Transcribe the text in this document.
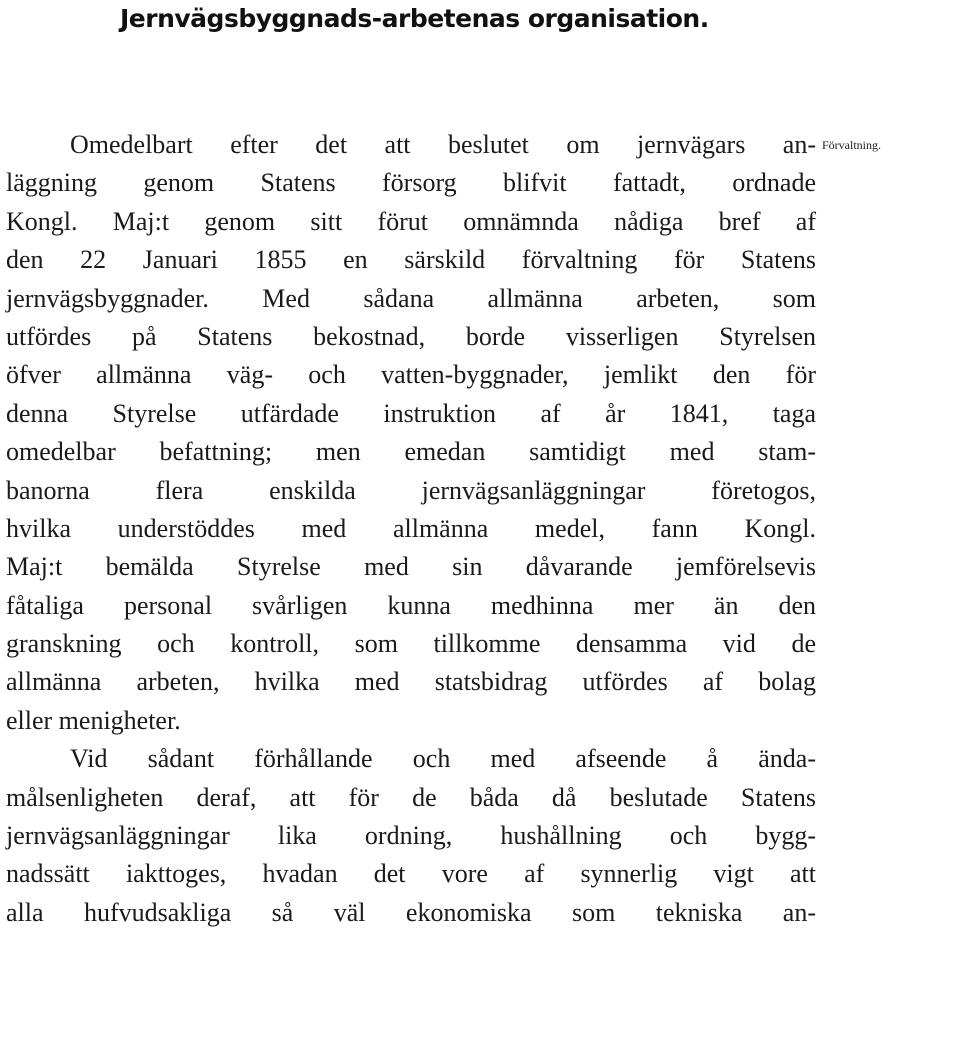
Jernvägsbyggnads-arbetenas organisation.
Förvaltning.
Omedelbart efter det att beslutet om jernvägars an-
läggning genom Statens försorg blifvit fattadt, ordnade
Kongl. Maj:t genom sitt förut omnämnda nådiga bref af
den 22 Januari 1855 en särskild förvaltning för Statens
jernvägsbyggnader. Med sådana allmänna arbeten, som
utfördes på Statens bekostnad, borde visserligen Styrelsen
öfver allmänna väg- och vatten-byggnader, jemlikt den för
denna Styrelse utfärdade instruktion af år 1841, taga
omedelbar befattning; men emedan samtidigt med stam-
banorna flera enskilda jernvägsanläggningar företogos,
hvilka understöddes med allmänna medel, fann Kongl.
Maj:t bemälda Styrelse med sin dåvarande jemförelsevis
fåtaliga personal svårligen kunna medhinna mer än den
granskning och kontroll, som tillkomme densamma vid de
allmänna arbeten, hvilka med statsbidrag utfördes af bolag
eller menigheter.
Vid sådant förhållande och med afseende å ända-
målsenligheten deraf, att för de båda då beslutade Statens
jernvägsanläggningar lika ordning, hushållning och bygg-
nadssätt iakttoges, hvadan det vore af synnerlig vigt att
alla hufvudsakliga så väl ekonomiska som tekniska an-
